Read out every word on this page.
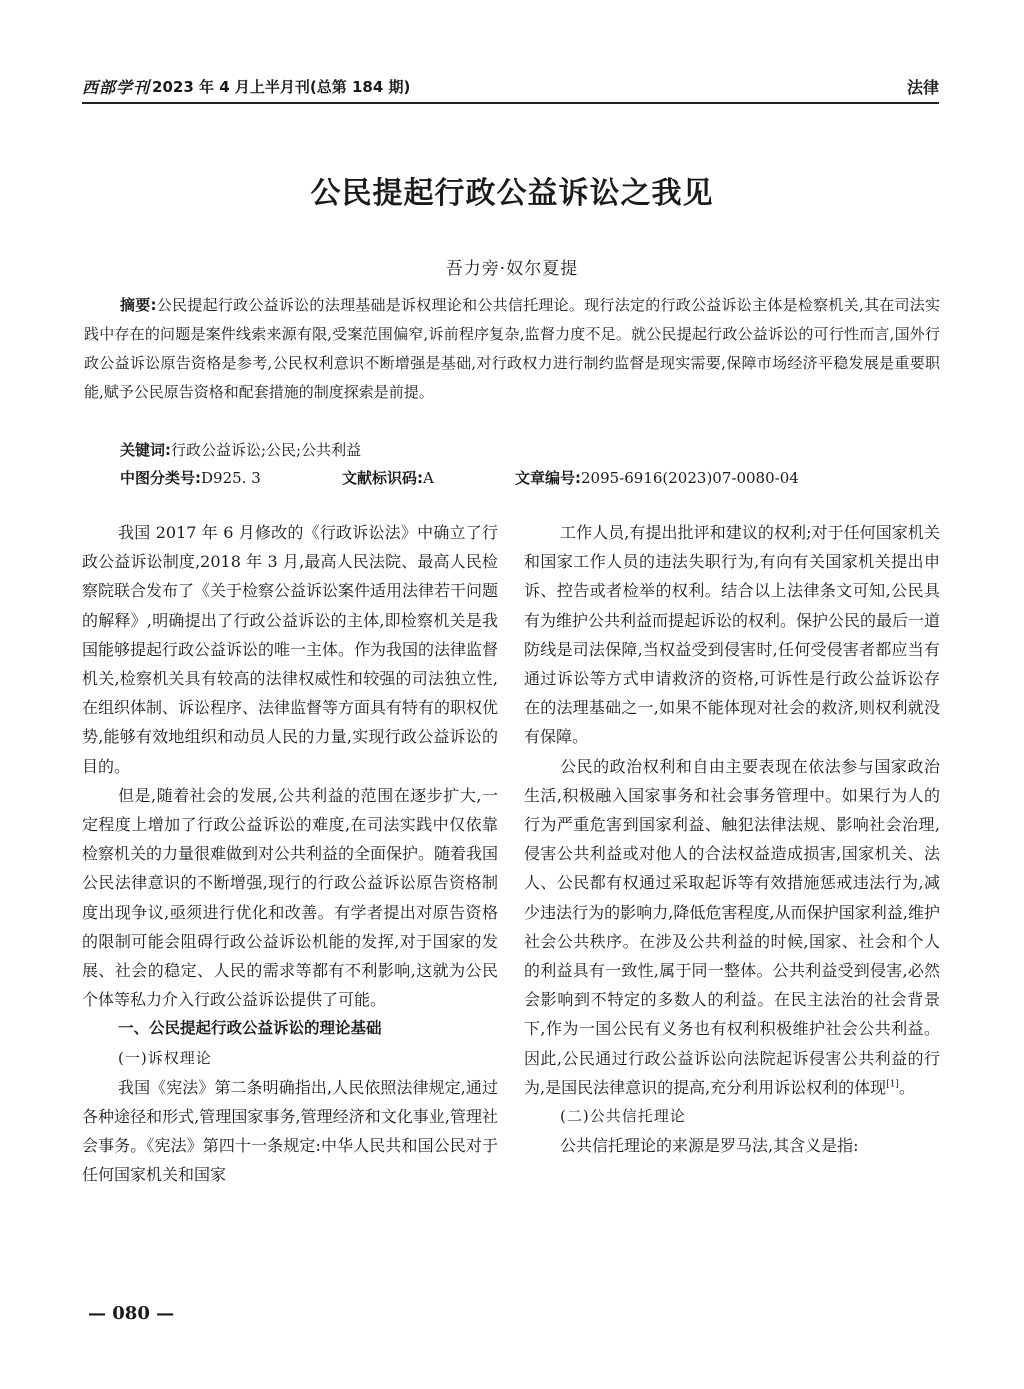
西部学刊 2023 年 4 月上半月刊(总第 184 期)	法律
公民提起行政公益诉讼之我见
吾力旁·奴尔夏提
摘要:公民提起行政公益诉讼的法理基础是诉权理论和公共信托理论。现行法定的行政公益诉讼主体是检察机关,其在司法实践中存在的问题是案件线索来源有限,受案范围偏窄,诉前程序复杂,监督力度不足。就公民提起行政公益诉讼的可行性而言,国外行政公益诉讼原告资格是参考,公民权利意识不断增强是基础,对行政权力进行制约监督是现实需要,保障市场经济平稳发展是重要职能,赋予公民原告资格和配套措施的制度探索是前提。
关键词:行政公益诉讼;公民;公共利益
中图分类号:D925. 3	文献标识码:A	文章编号:2095-6916(2023)07-0080-04

我国 2017 年 6 月修改的《行政诉讼法》中确立了行政公益诉讼制度,2018 年 3 月,最高人民法院、最高人民检察院联合发布了《关于检察公益诉讼案件适用法律若干问题的解释》,明确提出了行政公益诉讼的主体,即检察机关是我国能够提起行政公益诉讼的唯一主体。作为我国的法律监督机关,检察机关具有较高的法律权威性和较强的司法独立性,在组织体制、诉讼程序、法律监督等方面具有特有的职权优势,能够有效地组织和动员人民的力量,实现行政公益诉讼的目的。

但是,随着社会的发展,公共利益的范围在逐步扩大,一定程度上增加了行政公益诉讼的难度,在司法实践中仅依靠检察机关的力量很难做到对公共利益的全面保护。随着我国公民法律意识的不断增强,现行的行政公益诉讼原告资格制度出现争议,亟须进行优化和改善。有学者提出对原告资格的限制可能会阻碍行政公益诉讼机能的发挥,对于国家的发展、社会的稳定、人民的需求等都有不利影响,这就为公民个体等私力介入行政公益诉讼提供了可能。

一、公民提起行政公益诉讼的理论基础

(一)诉权理论

我国《宪法》第二条明确指出,人民依照法律规定,通过各种途径和形式,管理国家事务,管理经济和文化事业,管理社会事务。《宪法》第四十一条规定:中华人民共和国公民对于任何国家机关和国家

工作人员,有提出批评和建议的权利;对于任何国家机关和国家工作人员的违法失职行为,有向有关国家机关提出申诉、控告或者检举的权利。结合以上法律条文可知,公民具有为维护公共利益而提起诉讼的权利。保护公民的最后一道防线是司法保障,当权益受到侵害时,任何受侵害者都应当有通过诉讼等方式申请救济的资格,可诉性是行政公益诉讼存在的法理基础之一,如果不能体现对社会的救济,则权利就没有保障。

公民的政治权利和自由主要表现在依法参与国家政治生活,积极融入国家事务和社会事务管理中。如果行为人的行为严重危害到国家利益、触犯法律法规、影响社会治理,侵害公共利益或对他人的合法权益造成损害,国家机关、法人、公民都有权通过采取起诉等有效措施惩戒违法行为,减少违法行为的影响力,降低危害程度,从而保护国家利益,维护社会公共秩序。在涉及公共利益的时候,国家、社会和个人的利益具有一致性,属于同一整体。公共利益受到侵害,必然会影响到不特定的多数人的利益。在民主法治的社会背景下,作为一国公民有义务也有权利积极维护社会公共利益。因此,公民通过行政公益诉讼向法院起诉侵害公共利益的行为,是国民法律意识的提高,充分利用诉讼权利的体现[1]。

(二)公共信托理论

公共信托理论的来源是罗马法,其含义是指:

— 080 —
